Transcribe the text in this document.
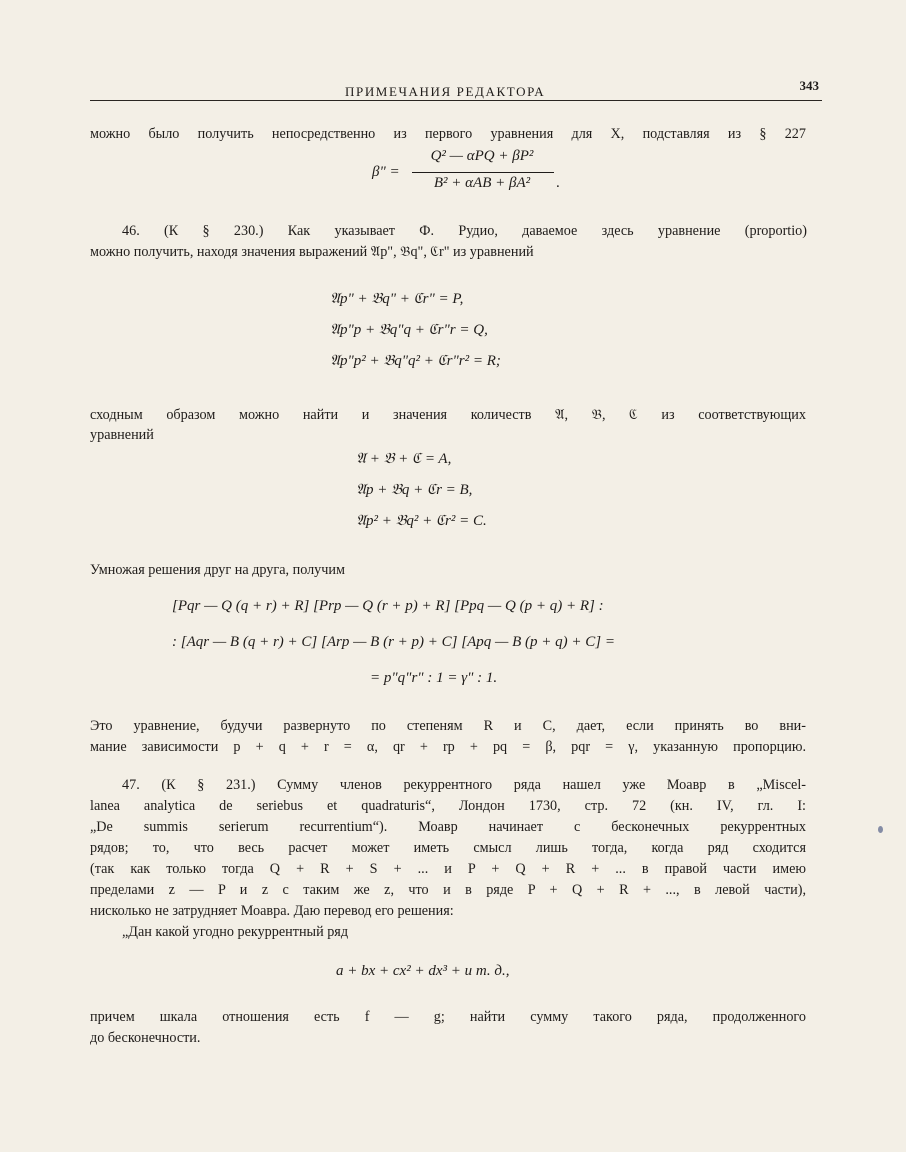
ПРИМЕЧАНИЯ РЕДАКТОРА	343
можно было получить непосредственно из первого уравнения для X, подставляя из § 227
β" =
Q² — αPQ + βP²
B² + αAB + βA²	.
46. (К § 230.) Как указывает Ф. Рудио, даваемое здесь уравнение (proportio)
можно получить, находя значения выражений 𝔄p", 𝔅q", ℭr" из уравнений
𝔄p" + 𝔅q" + ℭr" = P,
𝔄p"p + 𝔅q"q + ℭr"r = Q,
𝔄p"p² + 𝔅q"q² + ℭr"r² = R;
сходным образом можно найти и значения количеств 𝔄, 𝔅, ℭ из соответствующих
уравнений
𝔄 + 𝔅 + ℭ = A,
𝔄p + 𝔅q + ℭr = B,
𝔄p² + 𝔅q² + ℭr² = C.
Умножая решения друг на друга, получим
[Pqr — Q (q + r) + R] [Prp — Q (r + p) + R] [Ppq — Q (p + q) + R] :
: [Aqr — B (q + r) + C] [Arp — B (r + p) + C] [Apq — B (p + q) + C] =
= p"q"r" : 1 = γ" : 1.
Это уравнение, будучи развернуто по степеням R и C, дает, если принять во вни-
мание зависимости p + q + r = α, qr + rp + pq = β, pqr = γ, указанную пропорцию.
47. (К § 231.) Сумму членов рекуррентного ряда нашел уже Моавр в „Miscel-
lanea analytica de seriebus et quadraturis“, Лондон 1730, стр. 72 (кн. IV, гл. I:
„De summis serierum recurrentium“). Моавр начинает с бесконечных рекуррентных
рядов; то, что весь расчет может иметь смысл лишь тогда, когда ряд сходится
(так как только тогда Q + R + S + ... и P + Q + R + ... в правой части имею
пределами z — P и z с таким же z, что и в ряде P + Q + R + ..., в левой части),
нисколько не затрудняет Моавра. Даю перевод его решения:
„Дан какой угодно рекуррентный ряд
a + bx + cx² + dx³ + и т. д.,
причем шкала отношения есть f — g; найти сумму такого ряда, продолженного
до бесконечности.
